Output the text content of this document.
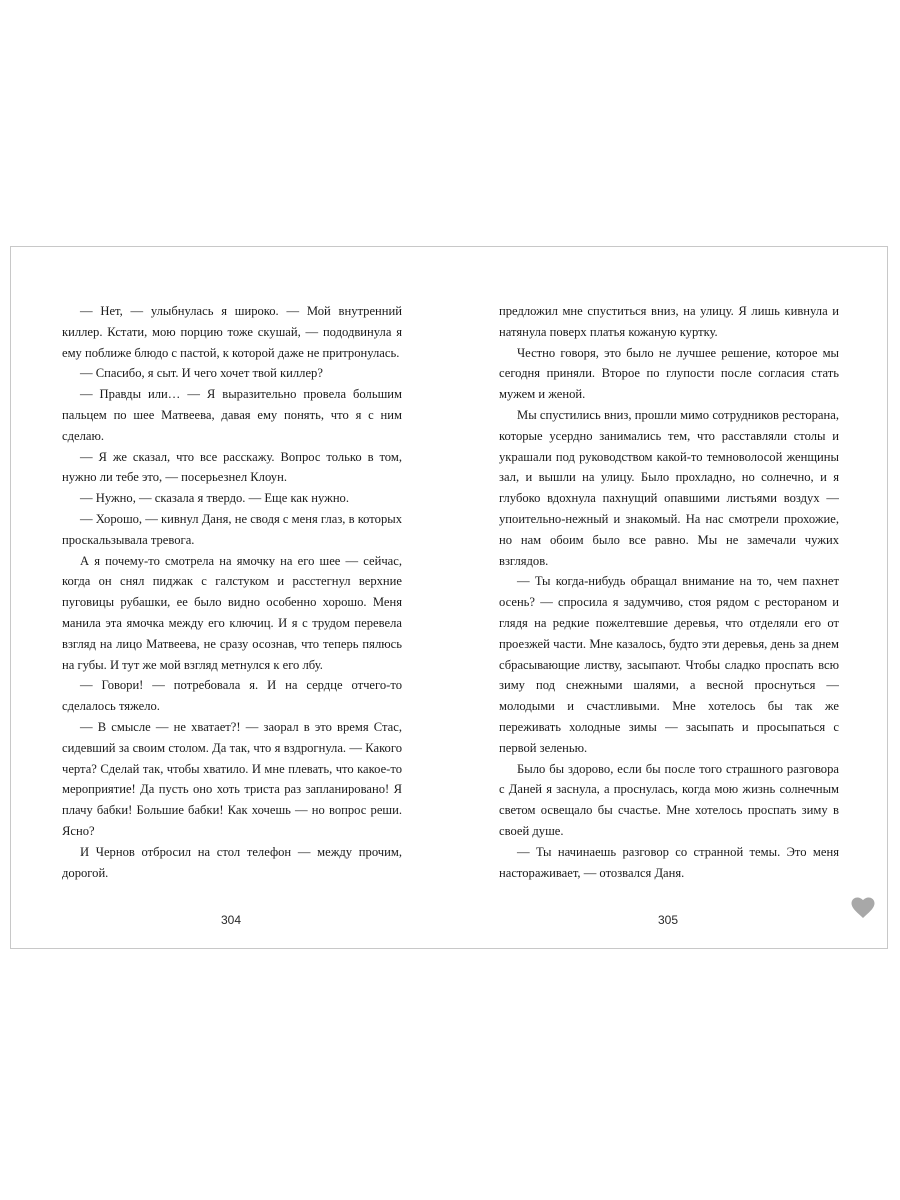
— Нет, — улыбнулась я широко. — Мой внутренний киллер. Кстати, мою порцию тоже скушай, — пододвинула я ему поближе блюдо с пастой, к которой даже не притронулась.

— Спасибо, я сыт. И чего хочет твой киллер?

— Правды или… — Я выразительно провела большим пальцем по шее Матвеева, давая ему понять, что я с ним сделаю.

— Я же сказал, что все расскажу. Вопрос только в том, нужно ли тебе это, — посерьезнел Клоун.

— Нужно, — сказала я твердо. — Еще как нужно.

— Хорошо, — кивнул Даня, не сводя с меня глаз, в которых проскальзывала тревога.

А я почему-то смотрела на ямочку на его шее — сейчас, когда он снял пиджак с галстуком и расстегнул верхние пуговицы рубашки, ее было видно особенно хорошо. Меня манила эта ямочка между его ключиц. И я с трудом перевела взгляд на лицо Матвеева, не сразу осознав, что теперь пялюсь на губы. И тут же мой взгляд метнулся к его лбу.

— Говори! — потребовала я. И на сердце отчего-то сделалось тяжело.

— В смысле — не хватает?! — заорал в это время Стас, сидевший за своим столом. Да так, что я вздрогнула. — Какого черта? Сделай так, чтобы хватило. И мне плевать, что какое-то мероприятие! Да пусть оно хоть триста раз запланировано! Я плачу бабки! Большие бабки! Как хочешь — но вопрос реши. Ясно?

И Чернов отбросил на стол телефон — между прочим, дорогой.

304

предложил мне спуститься вниз, на улицу. Я лишь кивнула и натянула поверх платья кожаную куртку.

Честно говоря, это было не лучшее решение, которое мы сегодня приняли. Второе по глупости после согласия стать мужем и женой.

Мы спустились вниз, прошли мимо сотрудников ресторана, которые усердно занимались тем, что расставляли столы и украшали под руководством какой-то темноволосой женщины зал, и вышли на улицу. Было прохладно, но солнечно, и я глубоко вдохнула пахнущий опавшими листьями воздух — упоительно-нежный и знакомый. На нас смотрели прохожие, но нам обоим было все равно. Мы не замечали чужих взглядов.

— Ты когда-нибудь обращал внимание на то, чем пахнет осень? — спросила я задумчиво, стоя рядом с рестораном и глядя на редкие пожелтевшие деревья, что отделяли его от проезжей части. Мне казалось, будто эти деревья, день за днем сбрасывающие листву, засыпают. Чтобы сладко проспать всю зиму под снежными шалями, а весной проснуться — молодыми и счастливыми. Мне хотелось бы так же переживать холодные зимы — засыпать и просыпаться с первой зеленью.

Было бы здорово, если бы после того страшного разговора с Даней я заснула, а проснулась, когда мою жизнь солнечным светом освещало бы счастье. Мне хотелось проспать зиму в своей душе.

— Ты начинаешь разговор со странной темы. Это меня настораживает, — отозвался Даня.

305
